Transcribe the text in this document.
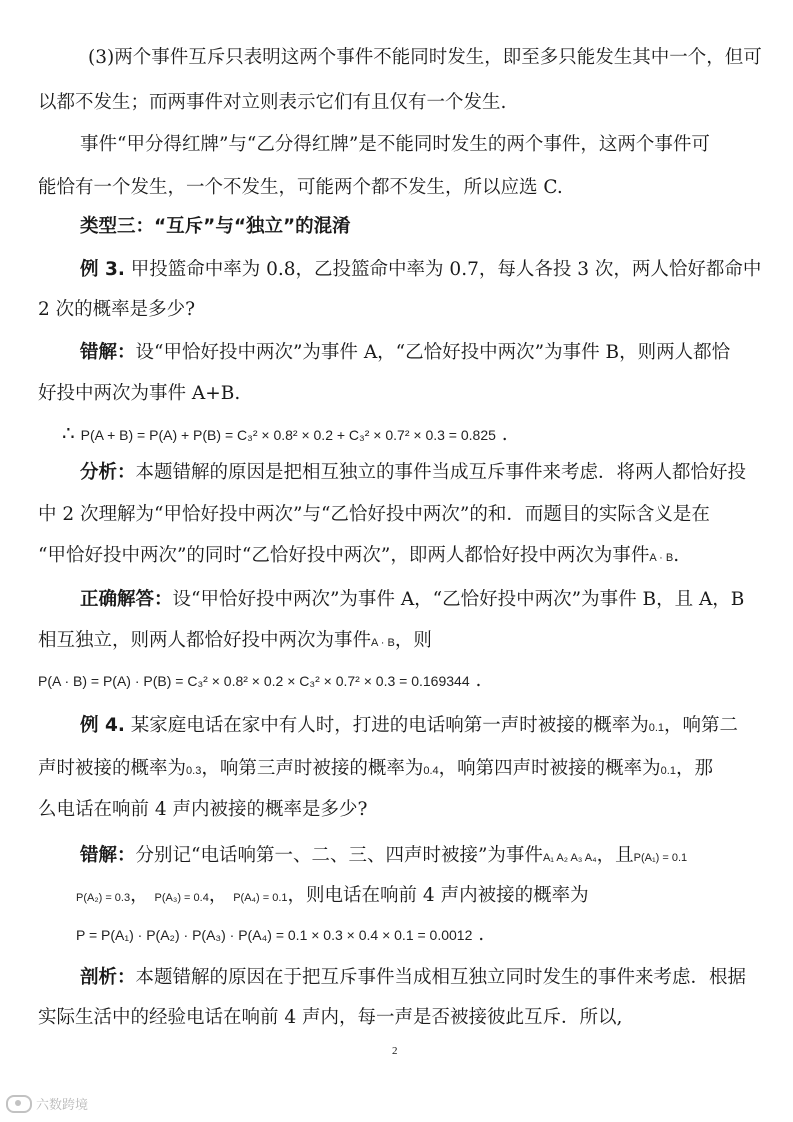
(3)两个事件互斥只表明这两个事件不能同时发生，即至多只能发生其中一个，但可
以都不发生；而两事件对立则表示它们有且仅有一个发生.
事件“甲分得红牌”与“乙分得红牌”是不能同时发生的两个事件，这两个事件可
能恰有一个发生，一个不发生，可能两个都不发生，所以应选 C.
类型三：“互斥”与“独立”的混淆
例 3. 甲投篮命中率为 0.8，乙投篮命中率为 0.7，每人各投 3 次，两人恰好都命中
2 次的概率是多少?
错解：设“甲恰好投中两次”为事件 A，“乙恰好投中两次”为事件 B，则两人都恰
好投中两次为事件 A+B.
∴ P(A + B) = P(A) + P(B) = C₃² × 0.8² × 0.2 + C₃² × 0.7² × 0.3 = 0.825 .
分析：本题错解的原因是把相互独立的事件当成互斥事件来考虑．将两人都恰好投
中 2 次理解为“甲恰好投中两次”与“乙恰好投中两次”的和．而题目的实际含义是在
“甲恰好投中两次”的同时“乙恰好投中两次”，即两人都恰好投中两次为事件A · B.
正确解答：设“甲恰好投中两次”为事件 A，“乙恰好投中两次”为事件 B，且 A，B
相互独立，则两人都恰好投中两次为事件A · B，则
P(A · B) = P(A) · P(B) = C₃² × 0.8² × 0.2 × C₃² × 0.7² × 0.3 = 0.169344 .
例 4. 某家庭电话在家中有人时，打进的电话响第一声时被接的概率为0.1，响第二
声时被接的概率为0.3，响第三声时被接的概率为0.4，响第四声时被接的概率为0.1，那
么电话在响前 4 声内被接的概率是多少?
错解：分别记“电话响第一、二、三、四声时被接”为事件A₁ A₂ A₃ A₄，且P(A₁) = 0.1
P(A₂) = 0.3， P(A₃) = 0.4， P(A₄) = 0.1，则电话在响前 4 声内被接的概率为
P = P(A₁) · P(A₂) · P(A₃) · P(A₄) = 0.1 × 0.3 × 0.4 × 0.1 = 0.0012 .
剖析：本题错解的原因在于把互斥事件当成相互独立同时发生的事件来考虑．根据
实际生活中的经验电话在响前 4 声内，每一声是否被接彼此互斥．所以,
2
六数跨境
